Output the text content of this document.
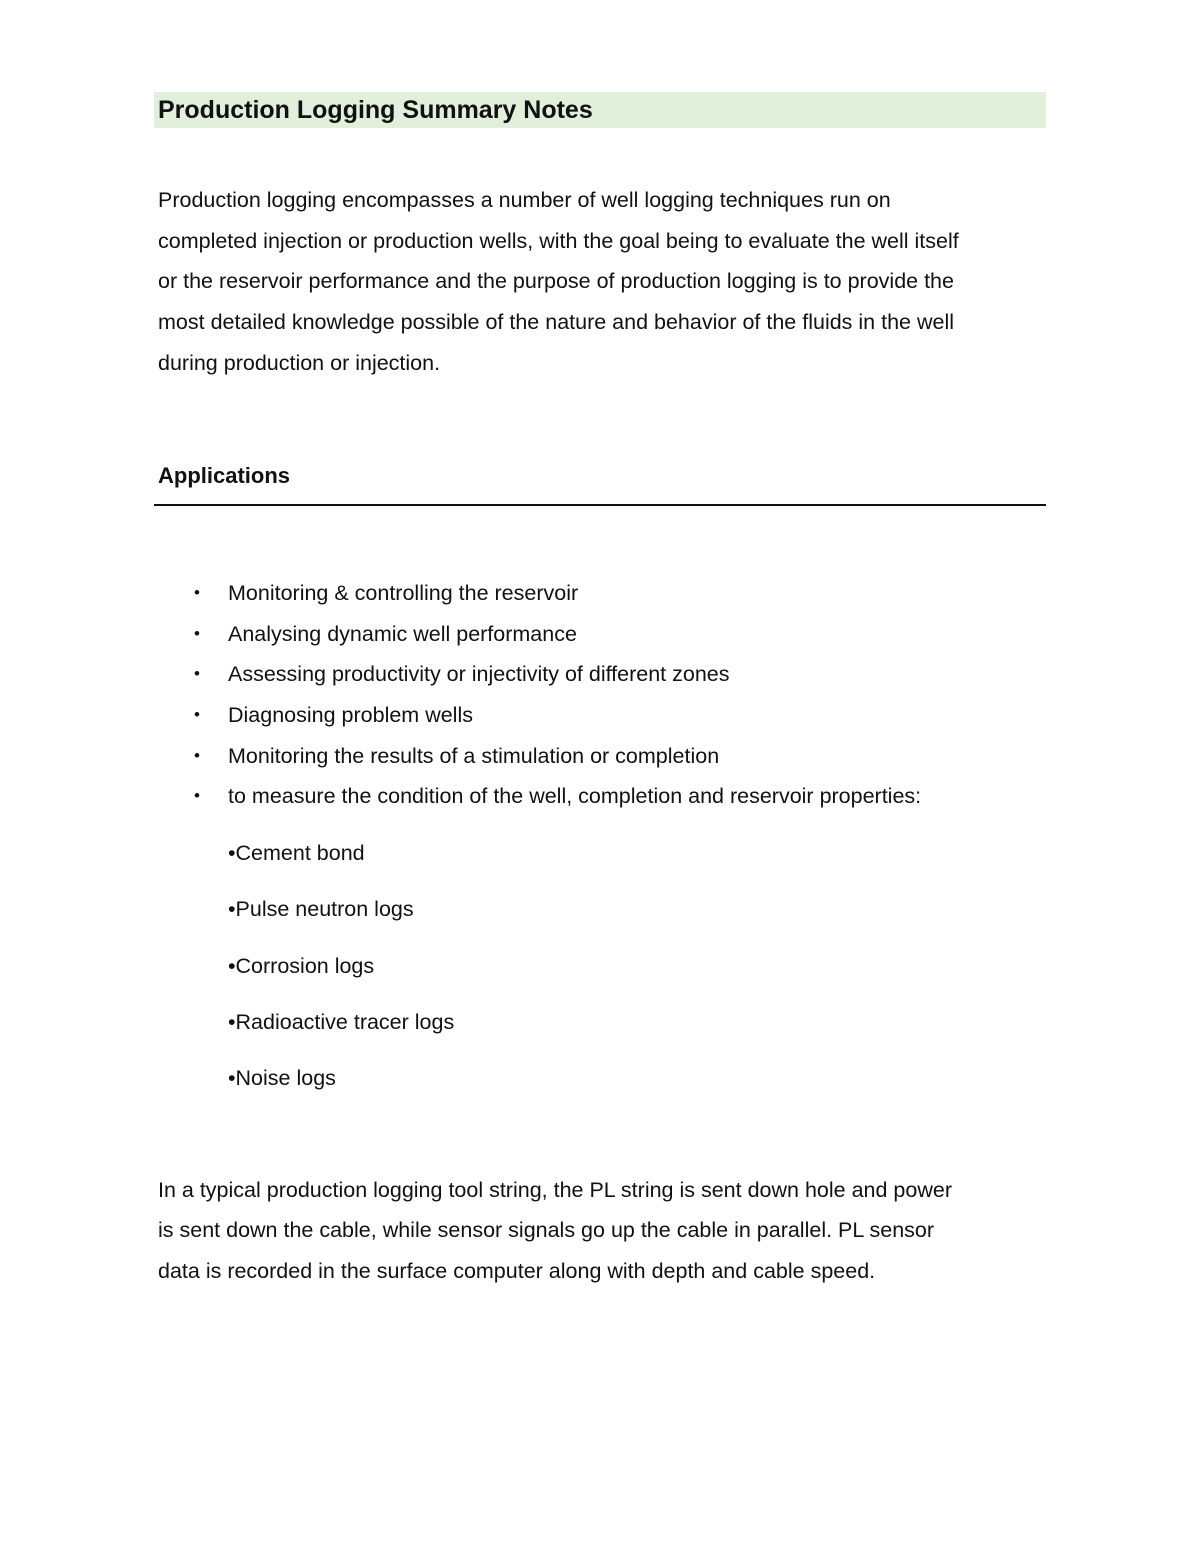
Production Logging Summary Notes

Production logging encompasses a number of well logging techniques run on
completed injection or production wells, with the goal being to evaluate the well itself
or the reservoir performance and the purpose of production logging is to provide the
most detailed knowledge possible of the nature and behavior of the fluids in the well
during production or injection.

Applications
• Monitoring & controlling the reservoir
• Analysing dynamic well performance
• Assessing productivity or injectivity of different zones
• Diagnosing problem wells
• Monitoring the results of a stimulation or completion
• to measure the condition of the well, completion and reservoir properties:
•Cement bond
•Pulse neutron logs
•Corrosion logs
•Radioactive tracer logs
•Noise logs

In a typical production logging tool string, the PL string is sent down hole and power
is sent down the cable, while sensor signals go up the cable in parallel. PL sensor
data is recorded in the surface computer along with depth and cable speed.
